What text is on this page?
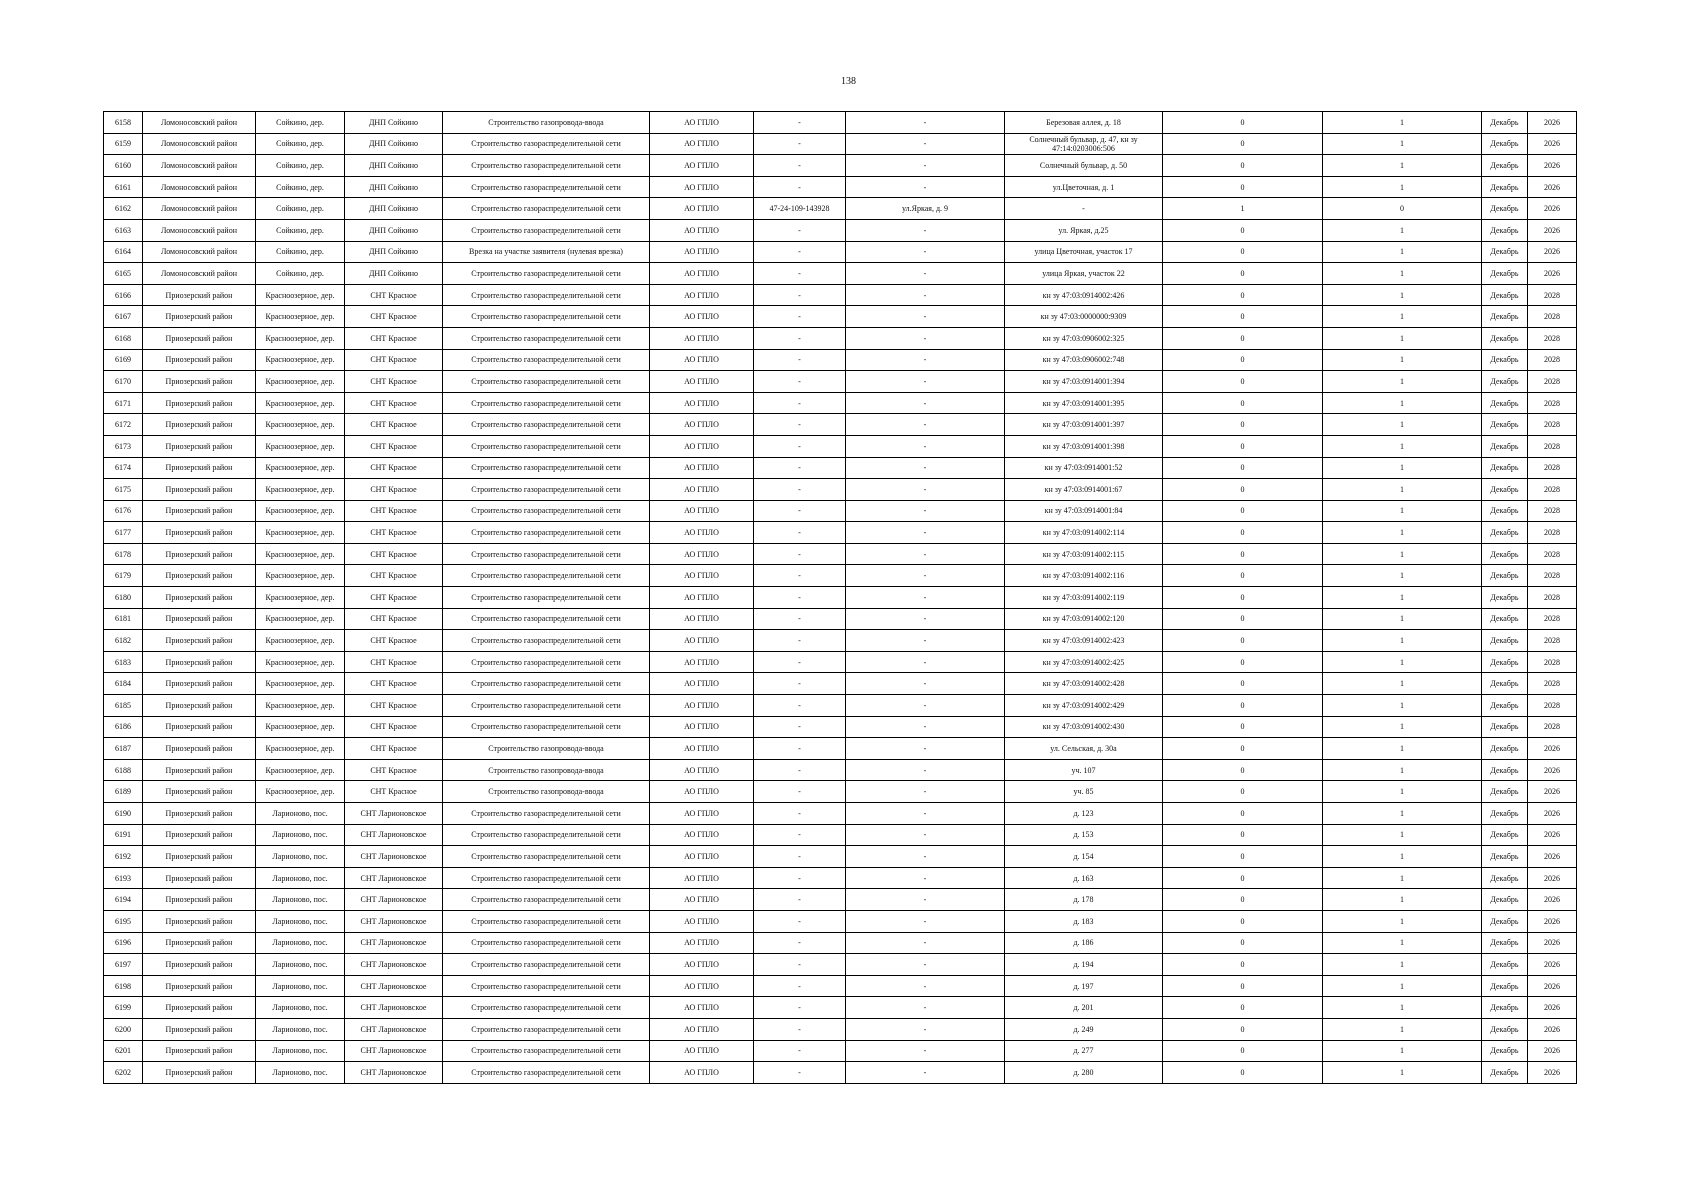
138
6158	Ломоносовский район	Сойкино, дер.	ДНП Сойкино	Строительство газопровода-ввода	АО ГПЛО	-	-	Березовая аллея, д. 18	0	1	Декабрь	2026
6159	Ломоносовский район	Сойкино, дер.	ДНП Сойкино	Строительство газораспределительной сети	АО ГПЛО	-	-	Солнечный бульвар, д. 47, кн зу 47:14:0203006:506	0	1	Декабрь	2026
6160	Ломоносовский район	Сойкино, дер.	ДНП Сойкино	Строительство газораспределительной сети	АО ГПЛО	-	-	Солнечный бульвар, д. 50	0	1	Декабрь	2026
6161	Ломоносовский район	Сойкино, дер.	ДНП Сойкино	Строительство газораспределительной сети	АО ГПЛО	-	-	ул.Цветочная, д. 1	0	1	Декабрь	2026
6162	Ломоносовский район	Сойкино, дер.	ДНП Сойкино	Строительство газораспределительной сети	АО ГПЛО	47-24-109-143928	ул.Яркая, д. 9	-	1	0	Декабрь	2026
6163	Ломоносовский район	Сойкино, дер.	ДНП Сойкино	Строительство газораспределительной сети	АО ГПЛО	-	-	ул. Яркая, д.25	0	1	Декабрь	2026
6164	Ломоносовский район	Сойкино, дер.	ДНП Сойкино	Врезка на участке заявителя (нулевая врезка)	АО ГПЛО	-	-	улица Цветочная, участок 17	0	1	Декабрь	2026
6165	Ломоносовский район	Сойкино, дер.	ДНП Сойкино	Строительство газораспределительной сети	АО ГПЛО	-	-	улица Яркая, участок 22	0	1	Декабрь	2026
6166	Приозерский район	Красноозерное, дер.	СНТ Красное	Строительство газораспределительной сети	АО ГПЛО	-	-	кн зу 47:03:0914002:426	0	1	Декабрь	2028
6167	Приозерский район	Красноозерное, дер.	СНТ Красное	Строительство газораспределительной сети	АО ГПЛО	-	-	кн зу 47:03:0000000:9309	0	1	Декабрь	2028
6168	Приозерский район	Красноозерное, дер.	СНТ Красное	Строительство газораспределительной сети	АО ГПЛО	-	-	кн зу 47:03:0906002:325	0	1	Декабрь	2028
6169	Приозерский район	Красноозерное, дер.	СНТ Красное	Строительство газораспределительной сети	АО ГПЛО	-	-	кн зу 47:03:0906002:748	0	1	Декабрь	2028
6170	Приозерский район	Красноозерное, дер.	СНТ Красное	Строительство газораспределительной сети	АО ГПЛО	-	-	кн зу 47:03:0914001:394	0	1	Декабрь	2028
6171	Приозерский район	Красноозерное, дер.	СНТ Красное	Строительство газораспределительной сети	АО ГПЛО	-	-	кн зу 47:03:0914001:395	0	1	Декабрь	2028
6172	Приозерский район	Красноозерное, дер.	СНТ Красное	Строительство газораспределительной сети	АО ГПЛО	-	-	кн зу 47:03:0914001:397	0	1	Декабрь	2028
6173	Приозерский район	Красноозерное, дер.	СНТ Красное	Строительство газораспределительной сети	АО ГПЛО	-	-	кн зу 47:03:0914001:398	0	1	Декабрь	2028
6174	Приозерский район	Красноозерное, дер.	СНТ Красное	Строительство газораспределительной сети	АО ГПЛО	-	-	кн зу 47:03:0914001:52	0	1	Декабрь	2028
6175	Приозерский район	Красноозерное, дер.	СНТ Красное	Строительство газораспределительной сети	АО ГПЛО	-	-	кн зу 47:03:0914001:67	0	1	Декабрь	2028
6176	Приозерский район	Красноозерное, дер.	СНТ Красное	Строительство газораспределительной сети	АО ГПЛО	-	-	кн зу 47:03:0914001:84	0	1	Декабрь	2028
6177	Приозерский район	Красноозерное, дер.	СНТ Красное	Строительство газораспределительной сети	АО ГПЛО	-	-	кн зу 47:03:0914002:114	0	1	Декабрь	2028
6178	Приозерский район	Красноозерное, дер.	СНТ Красное	Строительство газораспределительной сети	АО ГПЛО	-	-	кн зу 47:03:0914002:115	0	1	Декабрь	2028
6179	Приозерский район	Красноозерное, дер.	СНТ Красное	Строительство газораспределительной сети	АО ГПЛО	-	-	кн зу 47:03:0914002:116	0	1	Декабрь	2028
6180	Приозерский район	Красноозерное, дер.	СНТ Красное	Строительство газораспределительной сети	АО ГПЛО	-	-	кн зу 47:03:0914002:119	0	1	Декабрь	2028
6181	Приозерский район	Красноозерное, дер.	СНТ Красное	Строительство газораспределительной сети	АО ГПЛО	-	-	кн зу 47:03:0914002:120	0	1	Декабрь	2028
6182	Приозерский район	Красноозерное, дер.	СНТ Красное	Строительство газораспределительной сети	АО ГПЛО	-	-	кн зу 47:03:0914002:423	0	1	Декабрь	2028
6183	Приозерский район	Красноозерное, дер.	СНТ Красное	Строительство газораспределительной сети	АО ГПЛО	-	-	кн зу 47:03:0914002:425	0	1	Декабрь	2028
6184	Приозерский район	Красноозерное, дер.	СНТ Красное	Строительство газораспределительной сети	АО ГПЛО	-	-	кн зу 47:03:0914002:428	0	1	Декабрь	2028
6185	Приозерский район	Красноозерное, дер.	СНТ Красное	Строительство газораспределительной сети	АО ГПЛО	-	-	кн зу 47:03:0914002:429	0	1	Декабрь	2028
6186	Приозерский район	Красноозерное, дер.	СНТ Красное	Строительство газораспределительной сети	АО ГПЛО	-	-	кн зу 47:03:0914002:430	0	1	Декабрь	2028
6187	Приозерский район	Красноозерное, дер.	СНТ Красное	Строительство газопровода-ввода	АО ГПЛО	-	-	ул. Сельская, д. 30а	0	1	Декабрь	2026
6188	Приозерский район	Красноозерное, дер.	СНТ Красное	Строительство газопровода-ввода	АО ГПЛО	-	-	уч. 107	0	1	Декабрь	2026
6189	Приозерский район	Красноозерное, дер.	СНТ Красное	Строительство газопровода-ввода	АО ГПЛО	-	-	уч. 85	0	1	Декабрь	2026
6190	Приозерский район	Ларионово, пос.	СНТ Ларионовское	Строительство газораспределительной сети	АО ГПЛО	-	-	д. 123	0	1	Декабрь	2026
6191	Приозерский район	Ларионово, пос.	СНТ Ларионовское	Строительство газораспределительной сети	АО ГПЛО	-	-	д. 153	0	1	Декабрь	2026
6192	Приозерский район	Ларионово, пос.	СНТ Ларионовское	Строительство газораспределительной сети	АО ГПЛО	-	-	д. 154	0	1	Декабрь	2026
6193	Приозерский район	Ларионово, пос.	СНТ Ларионовское	Строительство газораспределительной сети	АО ГПЛО	-	-	д. 163	0	1	Декабрь	2026
6194	Приозерский район	Ларионово, пос.	СНТ Ларионовское	Строительство газораспределительной сети	АО ГПЛО	-	-	д. 178	0	1	Декабрь	2026
6195	Приозерский район	Ларионово, пос.	СНТ Ларионовское	Строительство газораспределительной сети	АО ГПЛО	-	-	д. 183	0	1	Декабрь	2026
6196	Приозерский район	Ларионово, пос.	СНТ Ларионовское	Строительство газораспределительной сети	АО ГПЛО	-	-	д. 186	0	1	Декабрь	2026
6197	Приозерский район	Ларионово, пос.	СНТ Ларионовское	Строительство газораспределительной сети	АО ГПЛО	-	-	д. 194	0	1	Декабрь	2026
6198	Приозерский район	Ларионово, пос.	СНТ Ларионовское	Строительство газораспределительной сети	АО ГПЛО	-	-	д. 197	0	1	Декабрь	2026
6199	Приозерский район	Ларионово, пос.	СНТ Ларионовское	Строительство газораспределительной сети	АО ГПЛО	-	-	д. 201	0	1	Декабрь	2026
6200	Приозерский район	Ларионово, пос.	СНТ Ларионовское	Строительство газораспределительной сети	АО ГПЛО	-	-	д. 249	0	1	Декабрь	2026
6201	Приозерский район	Ларионово, пос.	СНТ Ларионовское	Строительство газораспределительной сети	АО ГПЛО	-	-	д. 277	0	1	Декабрь	2026
6202	Приозерский район	Ларионово, пос.	СНТ Ларионовское	Строительство газораспределительной сети	АО ГПЛО	-	-	д. 280	0	1	Декабрь	2026
